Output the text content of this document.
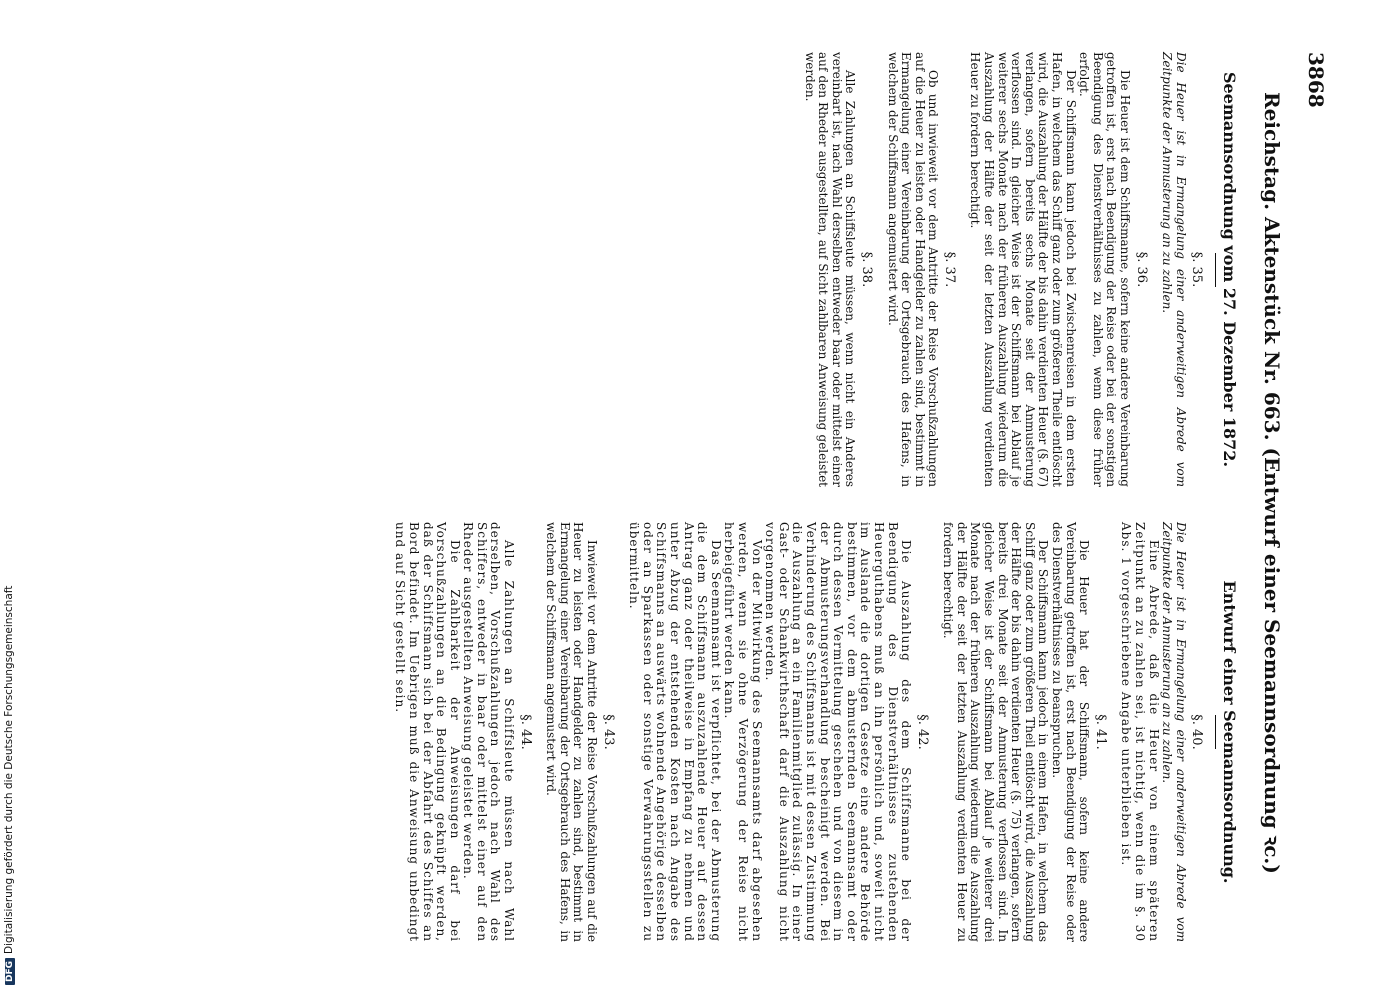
3868
Reichstag. Aktenstück Nr. 663. (Entwurf einer Seemannsordnung ꝛc.)
Seemannsordnung vom 27. Dezember 1872.
§. 35.

Die Heuer ist in Ermangelung einer anderweitigen Abrede vom Zeitpunkte der Anmusterung an zu zahlen.

§. 36.

Die Heuer ist dem Schiffsmanne, sofern keine andere Vereinbarung getroffen ist, erst nach Beendigung der Reise oder bei der sonstigen Beendigung des Dienstverhältnisses zu zahlen, wenn diese früher erfolgt.

Der Schiffsmann kann jedoch bei Zwischenreisen in dem ersten Hafen, in welchem das Schiff ganz oder zum größeren Theile entlöscht wird, die Auszahlung der Hälfte der bis dahin verdienten Heuer (§. 67) verlangen, sofern bereits sechs Monate seit der Anmusterung verflossen sind. In gleicher Weise ist der Schiffsmann bei Ablauf je weiterer sechs Monate nach der früheren Auszahlung wiederum die Auszahlung der Hälfte der seit der letzten Auszahlung verdienten Heuer zu fordern berechtigt.

§. 37.

Ob und inwieweit vor dem Antritte der Reise Vorschußzahlungen auf die Heuer zu leisten oder Handgelder zu zahlen sind, bestimmt in Ermangelung einer Vereinbarung der Ortsgebrauch des Hafens, in welchem der Schiffsmann angemustert wird.

§. 38.

Alle Zahlungen an Schiffsleute müssen, wenn nicht ein Anderes vereinbart ist, nach Wahl derselben entweder baar oder mittelst einer auf den Rheder ausgestellten, auf Sicht zahlbaren Anweisung geleistet werden.

Entwurf einer Seemannsordnung.
§. 40.

Die Heuer ist in Ermangelung einer anderweitigen Abrede vom Zeitpunkte der Anmusterung an zu zahlen.

Eine Abrede, daß die Heuer von einem späteren Zeitpunkt an zu zahlen sei, ist nichtig, wenn die im §. 30 Abs. 1 vorgeschriebene Angabe unterblieben ist.

§. 41.

Die Heuer hat der Schiffsmann, sofern keine andere Vereinbarung getroffen ist, erst nach Beendigung der Reise oder des Dienstverhältnisses zu beanspruchen.

Der Schiffsmann kann jedoch in einem Hafen, in welchem das Schiff ganz oder zum größeren Theil entlöscht wird, die Auszahlung der Hälfte der bis dahin verdienten Heuer (§. 75) verlangen, sofern bereits drei Monate seit der Anmusterung verflossen sind. In gleicher Weise ist der Schiffsmann bei Ablauf je weiterer drei Monate nach der früheren Auszahlung wiederum die Auszahlung der Hälfte der seit der letzten Auszahlung verdienten Heuer zu fordern berechtigt.

§. 42.

Die Auszahlung des dem Schiffsmanne bei der Beendigung des Dienstverhältnisses zustehenden Heuerguthabens muß an ihn persönlich und, soweit nicht im Auslande die dortigen Gesetze eine andere Behörde bestimmen, vor dem abmusternden Seemannsamt oder durch dessen Vermittelung geschehen und von diesem in der Abmusterungsverhandlung bescheinigt werden. Bei Verhinderung des Schiffsmanns ist mit dessen Zustimmung die Auszahlung an ein Familienmitglied zulässig. In einer Gast- oder Schankwirthschaft darf die Auszahlung nicht vorgenommen werden.

Von der Mitwirkung des Seemannsamts darf abgesehen werden, wenn sie ohne Verzögerung der Reise nicht herbeigeführt werden kann.

Das Seemannsamt ist verpflichtet, bei der Abmusterung die dem Schiffsmann auszuzahlende Heuer auf dessen Antrag ganz oder theilweise in Empfang zu nehmen und unter Abzug der entstehenden Kosten nach Angabe des Schiffsmanns an auswärts wohnende Angehörige desselben oder an Sparkassen oder sonstige Verwahrungsstellen zu übermitteln.

§. 43.

Inwieweit vor dem Antritte der Reise Vorschußzahlungen auf die Heuer zu leisten oder Handgelder zu zahlen sind, bestimmt in Ermangelung einer Vereinbarung der Ortsgebrauch des Hafens, in welchem der Schiffsmann angemustert wird.

§. 44.

Alle Zahlungen an Schiffsleute müssen nach Wahl derselben, Vorschußzahlungen jedoch nach Wahl des Schiffers, entweder in baar oder mittelst einer auf den Rheder ausgestellten Anweisung geleistet werden.

Die Zahlbarkeit der Anweisungen darf bei Vorschußzahlungen an die Bedingung geknüpft werden, daß der Schiffsmann sich bei der Abfahrt des Schiffes an Bord befindet. Im Uebrigen muß die Anweisung unbedingt und auf Sicht gestellt sein.

DFGDigitalisierung gefördert durch die Deutsche Forschungsgemeinschaft
